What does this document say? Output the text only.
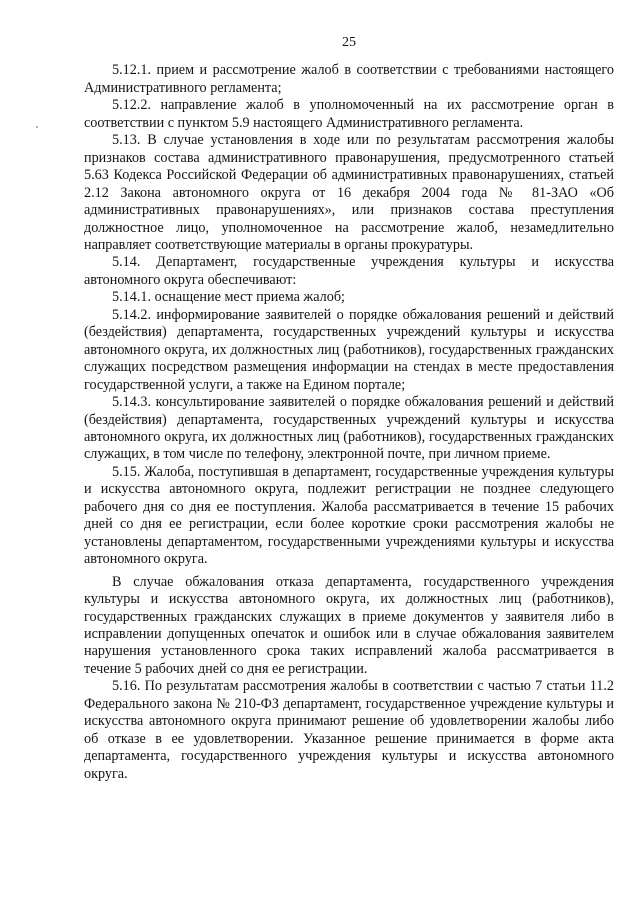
25

5.12.1. прием и рассмотрение жалоб в соответствии с требованиями настоящего Административного регламента;

5.12.2. направление жалоб в уполномоченный на их рассмотрение орган в соответствии с пунктом 5.9 настоящего Административного регламента.

5.13. В случае установления в ходе или по результатам рассмотрения жалобы признаков состава административного правонарушения, предусмотренного статьей 5.63 Кодекса Российской Федерации об административных правонарушениях, статьей 2.12 Закона автономного округа от 16 декабря 2004 года № 81-ЗАО «Об административных правонарушениях», или признаков состава преступления должностное лицо, уполномоченное на рассмотрение жалоб, незамедлительно направляет соответствующие материалы в органы прокуратуры.

5.14. Департамент, государственные учреждения культуры и искусства автономного округа обеспечивают:

5.14.1. оснащение мест приема жалоб;

5.14.2. информирование заявителей о порядке обжалования решений и действий (бездействия) департамента, государственных учреждений культуры и искусства автономного округа, их должностных лиц (работников), государственных гражданских служащих посредством размещения информации на стендах в месте предоставления государственной услуги, а также на Едином портале;

5.14.3. консультирование заявителей о порядке обжалования решений и действий (бездействия) департамента, государственных учреждений культуры и искусства автономного округа, их должностных лиц (работников), государственных гражданских служащих, в том числе по телефону, электронной почте, при личном приеме.

5.15. Жалоба, поступившая в департамент, государственные учреждения культуры и искусства автономного округа, подлежит регистрации не позднее следующего рабочего дня со дня ее поступления. Жалоба рассматривается в течение 15 рабочих дней со дня ее регистрации, если более короткие сроки рассмотрения жалобы не установлены департаментом, государственными учреждениями культуры и искусства автономного округа.

В случае обжалования отказа департамента, государственного учреждения культуры и искусства автономного округа, их должностных лиц (работников), государственных гражданских служащих в приеме документов у заявителя либо в исправлении допущенных опечаток и ошибок или в случае обжалования заявителем нарушения установленного срока таких исправлений жалоба рассматривается в течение 5 рабочих дней со дня ее регистрации.

5.16. По результатам рассмотрения жалобы в соответствии с частью 7 статьи 11.2 Федерального закона № 210-ФЗ департамент, государственное учреждение культуры и искусства автономного округа принимают решение об удовлетворении жалобы либо об отказе в ее удовлетворении. Указанное решение принимается в форме акта департамента, государственного учреждения культуры и искусства автономного округа.
